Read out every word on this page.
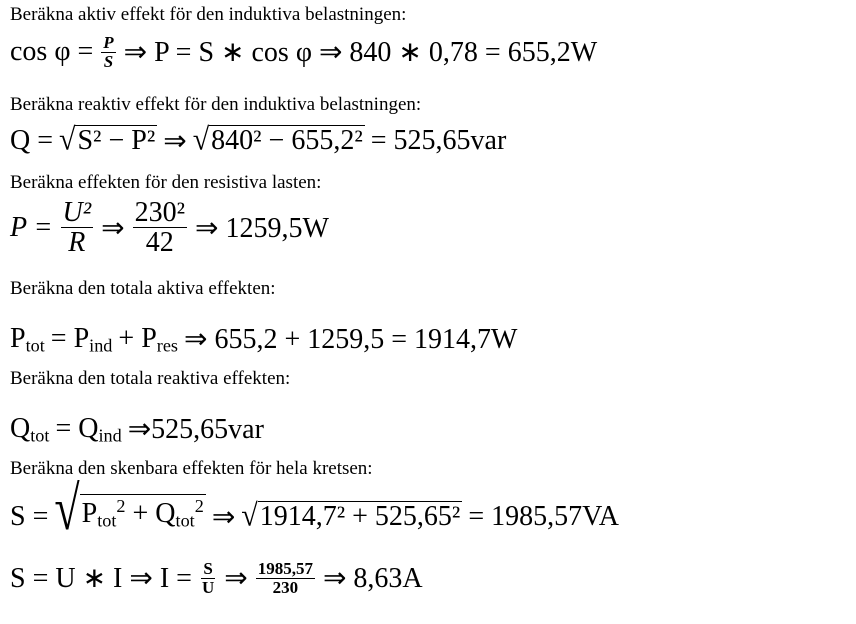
Beräkna aktiv effekt för den induktiva belastningen:
$\cos \varphi = \frac{P}{S}$ ⇒ P = S ∗ cos φ ⇒ 840 ∗ 0,78 = 655,2W
Beräkna reaktiv effekt för den induktiva belastningen:
Q = √ S² − P² ⇒ √ 840² − 655,2² = 525,65var
Beräkna effekten för den resistiva lasten:
$P = \frac{\text{U²}}{R}$ ⇒ $\frac{\text{230²}}{42}$ ⇒ 1259,5W
Beräkna den totala aktiva effekten:
$P_{tot} = P_{ind} + P_{res}$ ⇒ 655,2 + 1259,5 = 1914,7W
Beräkna den totala reaktiva effekten:
$Q_{tot} = Q_{ind}$ ⇒525,65var
Beräkna den skenbara effekten för hela kretsen:
S = √ $P_{tot}^2 + Q_{tot}^2$ ⇒ √ 1914,7² + 525,65² = 1985,57VA
S = U ∗ I ⇒ $I = \frac{S}{U}$ ⇒ $\frac{1985,57}{230}$ ⇒ 8,63A
